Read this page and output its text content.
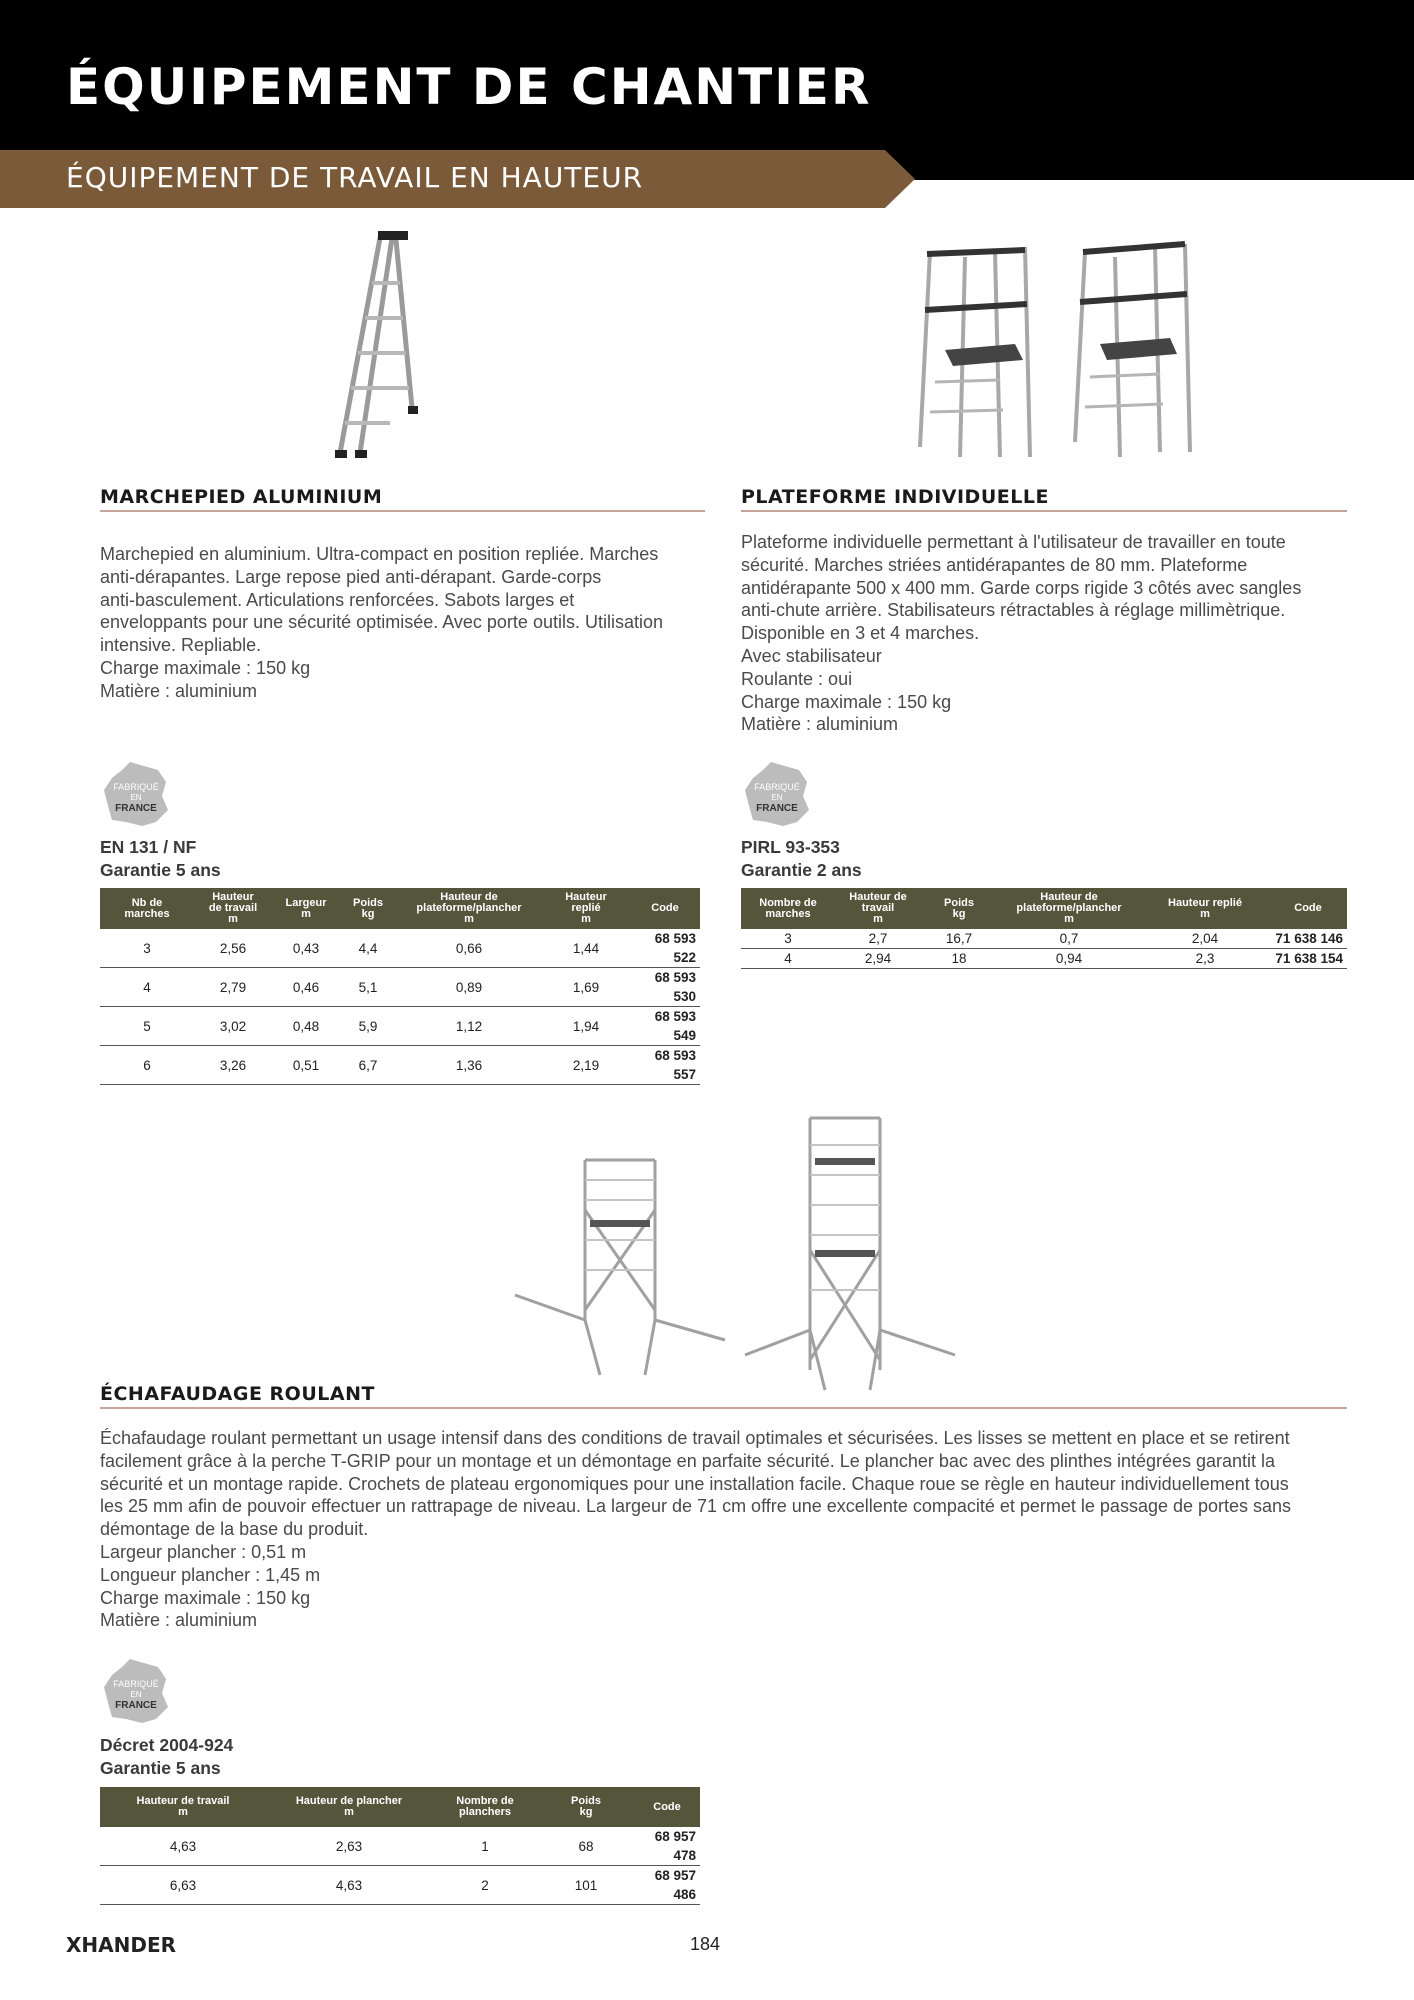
ÉQUIPEMENT DE CHANTIER
ÉQUIPEMENT DE TRAVAIL EN HAUTEUR
MARCHEPIED ALUMINIUM

Marchepied en aluminium. Ultra-compact en position repliée. Marches

anti-dérapantes. Large repose pied anti-dérapant. Garde-corps

anti-basculement. Articulations renforcées. Sabots larges et

enveloppants pour une sécurité optimisée. Avec porte outils. Utilisation

intensive. Repliable.

Charge maximale : 150 kg

Matière : aluminium

FABRIQUÉ
EN
FRANCE
EN 131 / NF
Garantie 5 ans
Nb de
marches	Hauteur
de travail
m	Largeur
m	Poids
kg	Hauteur de
plateforme/plancher
m	Hauteur
replié
m	Code
3	2,56	0,43	4,4	0,66	1,44	68 593 522
4	2,79	0,46	5,1	0,89	1,69	68 593 530
5	3,02	0,48	5,9	1,12	1,94	68 593 549
6	3,26	0,51	6,7	1,36	2,19	68 593 557
PLATEFORME INDIVIDUELLE

Plateforme individuelle permettant à l'utilisateur de travailler en toute

sécurité. Marches striées antidérapantes de 80 mm. Plateforme

antidérapante 500 x 400 mm. Garde corps rigide 3 côtés avec sangles

anti-chute arrière. Stabilisateurs rétractables à réglage millimètrique.

Disponible en 3 et 4 marches.

Avec stabilisateur

Roulante : oui

Charge maximale : 150 kg

Matière : aluminium

FABRIQUÉ
EN
FRANCE
PIRL 93-353
Garantie 2 ans
Nombre de
marches	Hauteur de
travail
m	Poids
kg	Hauteur de
plateforme/plancher
m	Hauteur replié
m	Code
3	2,7	16,7	0,7	2,04	71 638 146
4	2,94	18	0,94	2,3	71 638 154
ÉCHAFAUDAGE ROULANT

Échafaudage roulant permettant un usage intensif dans des conditions de travail optimales et sécurisées. Les lisses se mettent en place et se retirent

facilement grâce à la perche T-GRIP pour un montage et un démontage en parfaite sécurité. Le plancher bac avec des plinthes intégrées garantit la

sécurité et un montage rapide. Crochets de plateau ergonomiques pour une installation facile. Chaque roue se règle en hauteur individuellement tous

les 25 mm afin de pouvoir effectuer un rattrapage de niveau. La largeur de 71 cm offre une excellente compacité et permet le passage de portes sans

démontage de la base du produit.

Largeur plancher : 0,51 m

Longueur plancher : 1,45 m

Charge maximale : 150 kg

Matière : aluminium

FABRIQUÉ
EN
FRANCE
Décret 2004-924
Garantie 5 ans
Hauteur de travail
m	Hauteur de plancher
m	Nombre de
planchers	Poids
kg	Code
4,63	2,63	1	68	68 957 478
6,63	4,63	2	101	68 957 486
XHANDER	184
